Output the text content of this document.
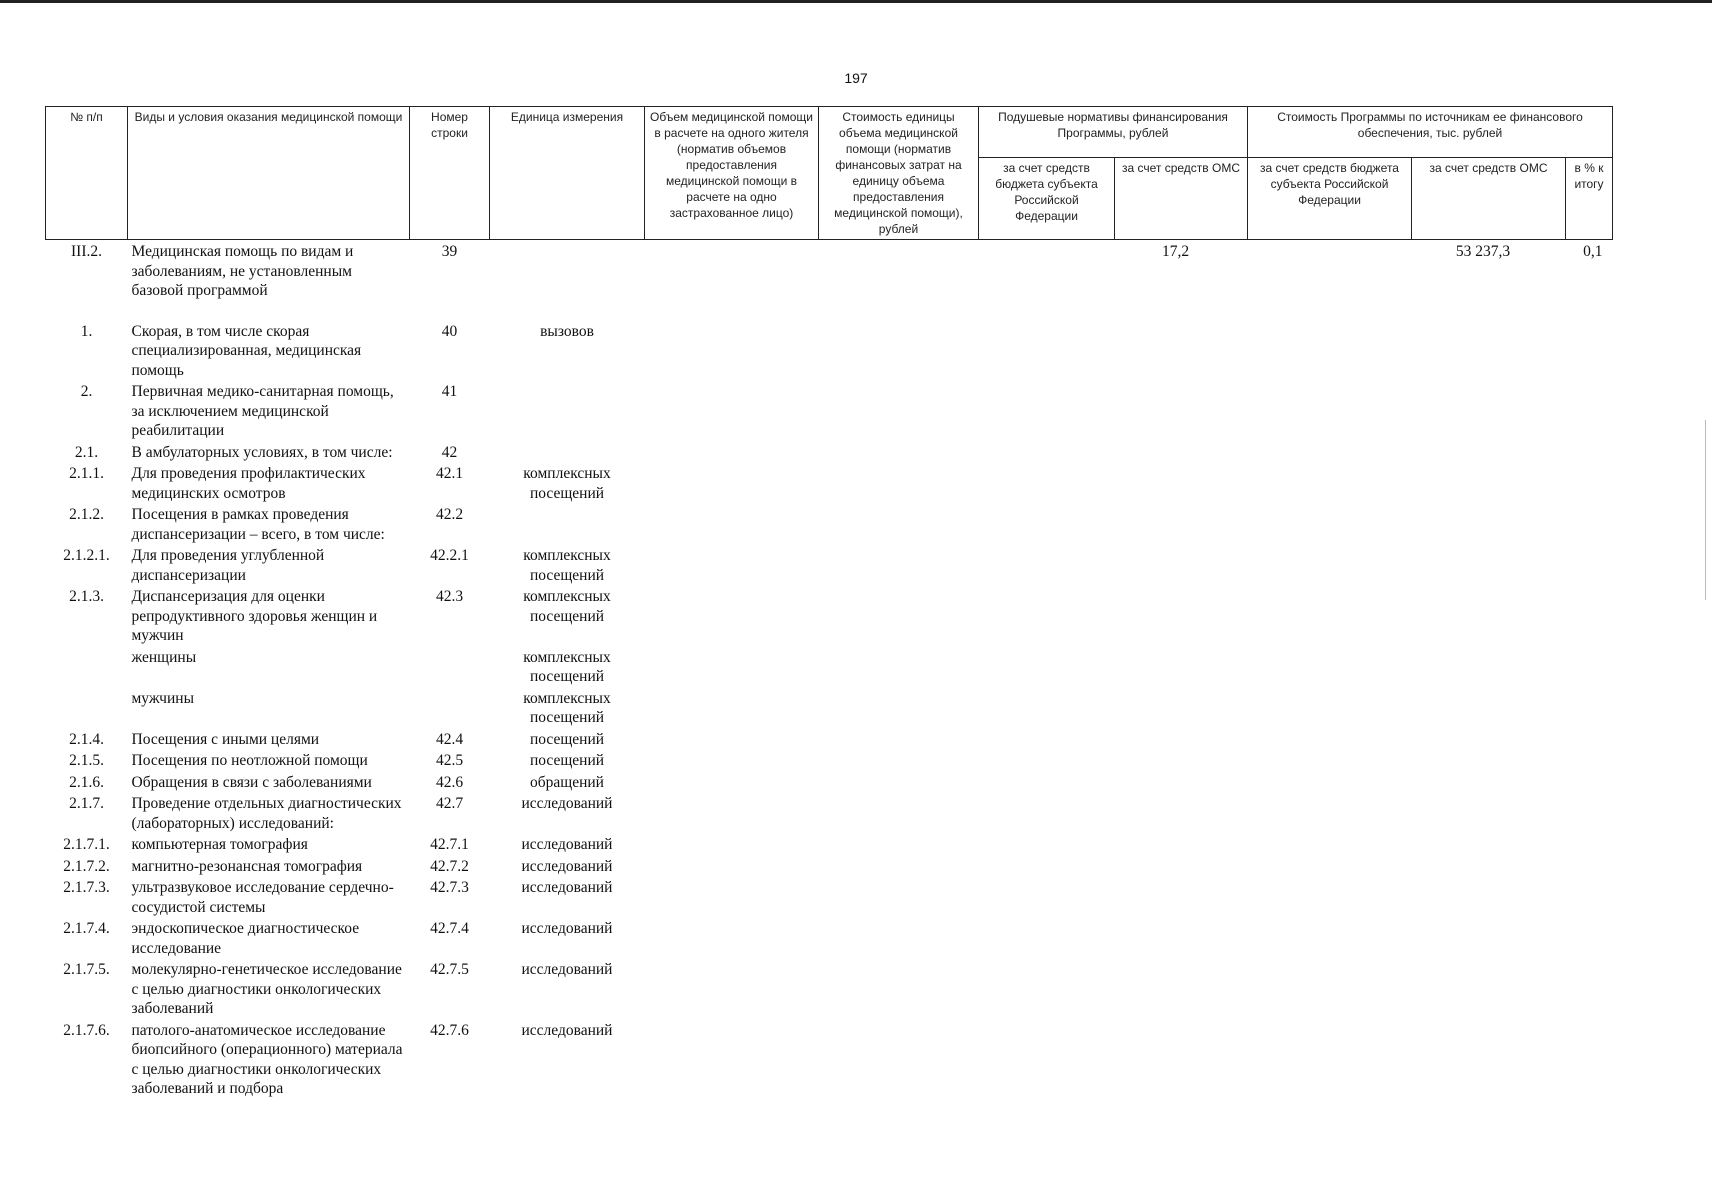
197
№ п/п	Виды и условия оказания медицинской помощи	Номер строки	Единица измерения	Объем медицинской помощи в расчете на одного жителя (норматив объемов предоставления медицинской помощи в расчете на одно застрахованное лицо)	Стоимость единицы объема медицинской помощи (норматив финансовых затрат на единицу объема предоставления медицинской помощи), рублей	Подушевые нормативы финансирования Программы, рублей		Стоимость Программы по источникам ее финансового обеспечения, тыс. рублей		
						за счет средств бюджета субъекта Российской Федерации	за счет средств ОМС	за счет средств бюджета субъекта Российской Федерации	за счет средств ОМС	в % к итогу
III.2.	Медицинская помощь по видам и заболеваниям, не установленным базовой программой	39					17,2		53 237,3	0,1
1.	Скорая, в том числе скорая специализированная, медицинская помощь	40	вызовов							
2.	Первичная медико-санитарная помощь, за исключением медицинской реабилитации	41								
2.1.	В амбулаторных условиях, в том числе:	42								
2.1.1.	Для проведения профилактических медицинских осмотров	42.1	комплексных посещений							
2.1.2.	Посещения в рамках проведения диспансеризации – всего, в том числе:	42.2								
2.1.2.1.	Для проведения углубленной диспансеризации	42.2.1	комплексных посещений							
2.1.3.	Диспансеризация для оценки репродуктивного здоровья женщин и мужчин	42.3	комплексных посещений							
	женщины		комплексных посещений							
	мужчины		комплексных посещений							
2.1.4.	Посещения с иными целями	42.4	посещений							
2.1.5.	Посещения по неотложной помощи	42.5	посещений							
2.1.6.	Обращения в связи с заболеваниями	42.6	обращений							
2.1.7.	Проведение отдельных диагностических (лабораторных) исследований:	42.7	исследований							
2.1.7.1.	компьютерная томография	42.7.1	исследований							
2.1.7.2.	магнитно-резонансная томография	42.7.2	исследований							
2.1.7.3.	ультразвуковое исследование сердечно-сосудистой системы	42.7.3	исследований							
2.1.7.4.	эндоскопическое диагностическое исследование	42.7.4	исследований							
2.1.7.5.	молекулярно-генетическое исследование с целью диагностики онкологических заболеваний	42.7.5	исследований							
2.1.7.6.	патолого-анатомическое исследование биопсийного (операционного) материала с целью диагностики онкологических заболеваний и подбора	42.7.6	исследований							
